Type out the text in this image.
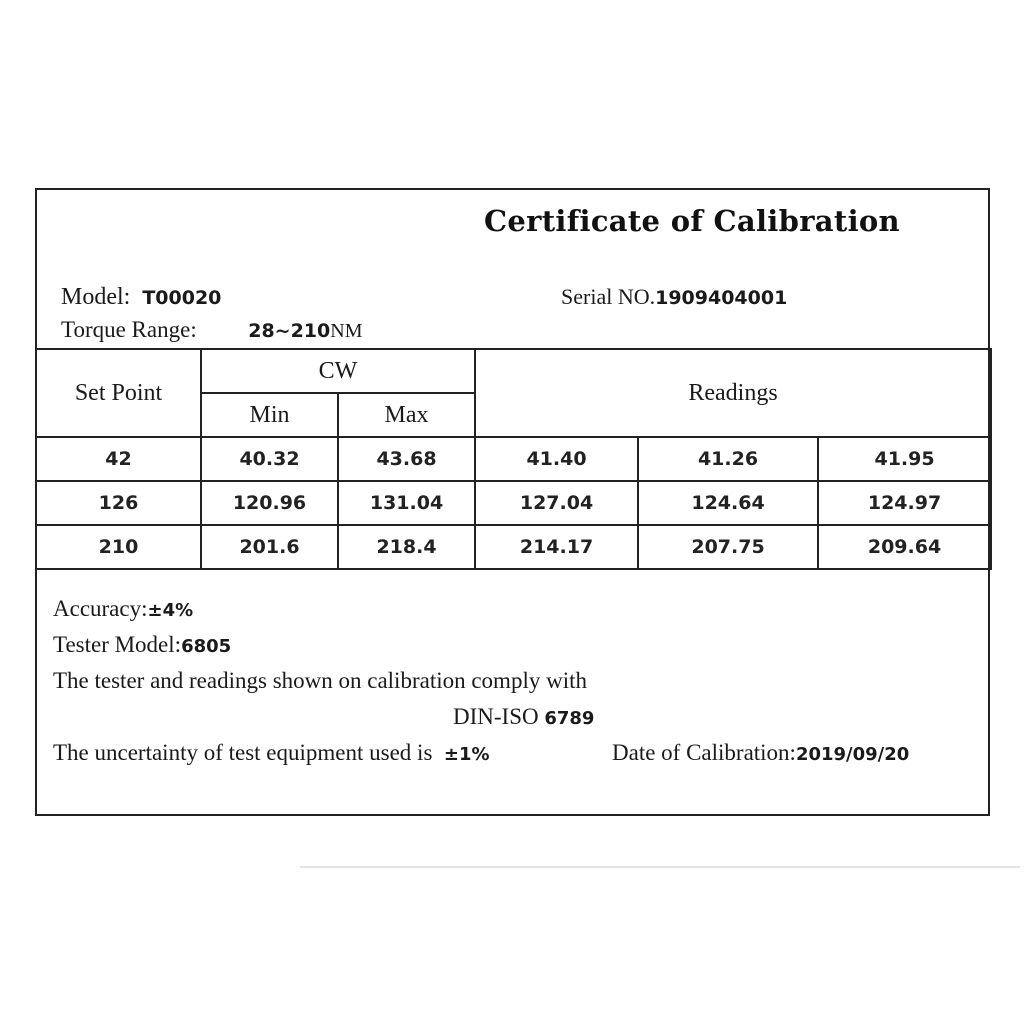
Certificate of Calibration
Model: T00020	Serial NO.1909404001
Torque Range:	28~210NM
Set Point	CW		Readings		
	Min	Max			
42	40.32	43.68	41.40	41.26	41.95
126	120.96	131.04	127.04	124.64	124.97
210	201.6	218.4	214.17	207.75	209.64
Accuracy:±4%
Tester Model:6805
The tester and readings shown on calibration comply with
DIN-ISO 6789
The uncertainty of test equipment used is ±1%	Date of Calibration:2019/09/20
